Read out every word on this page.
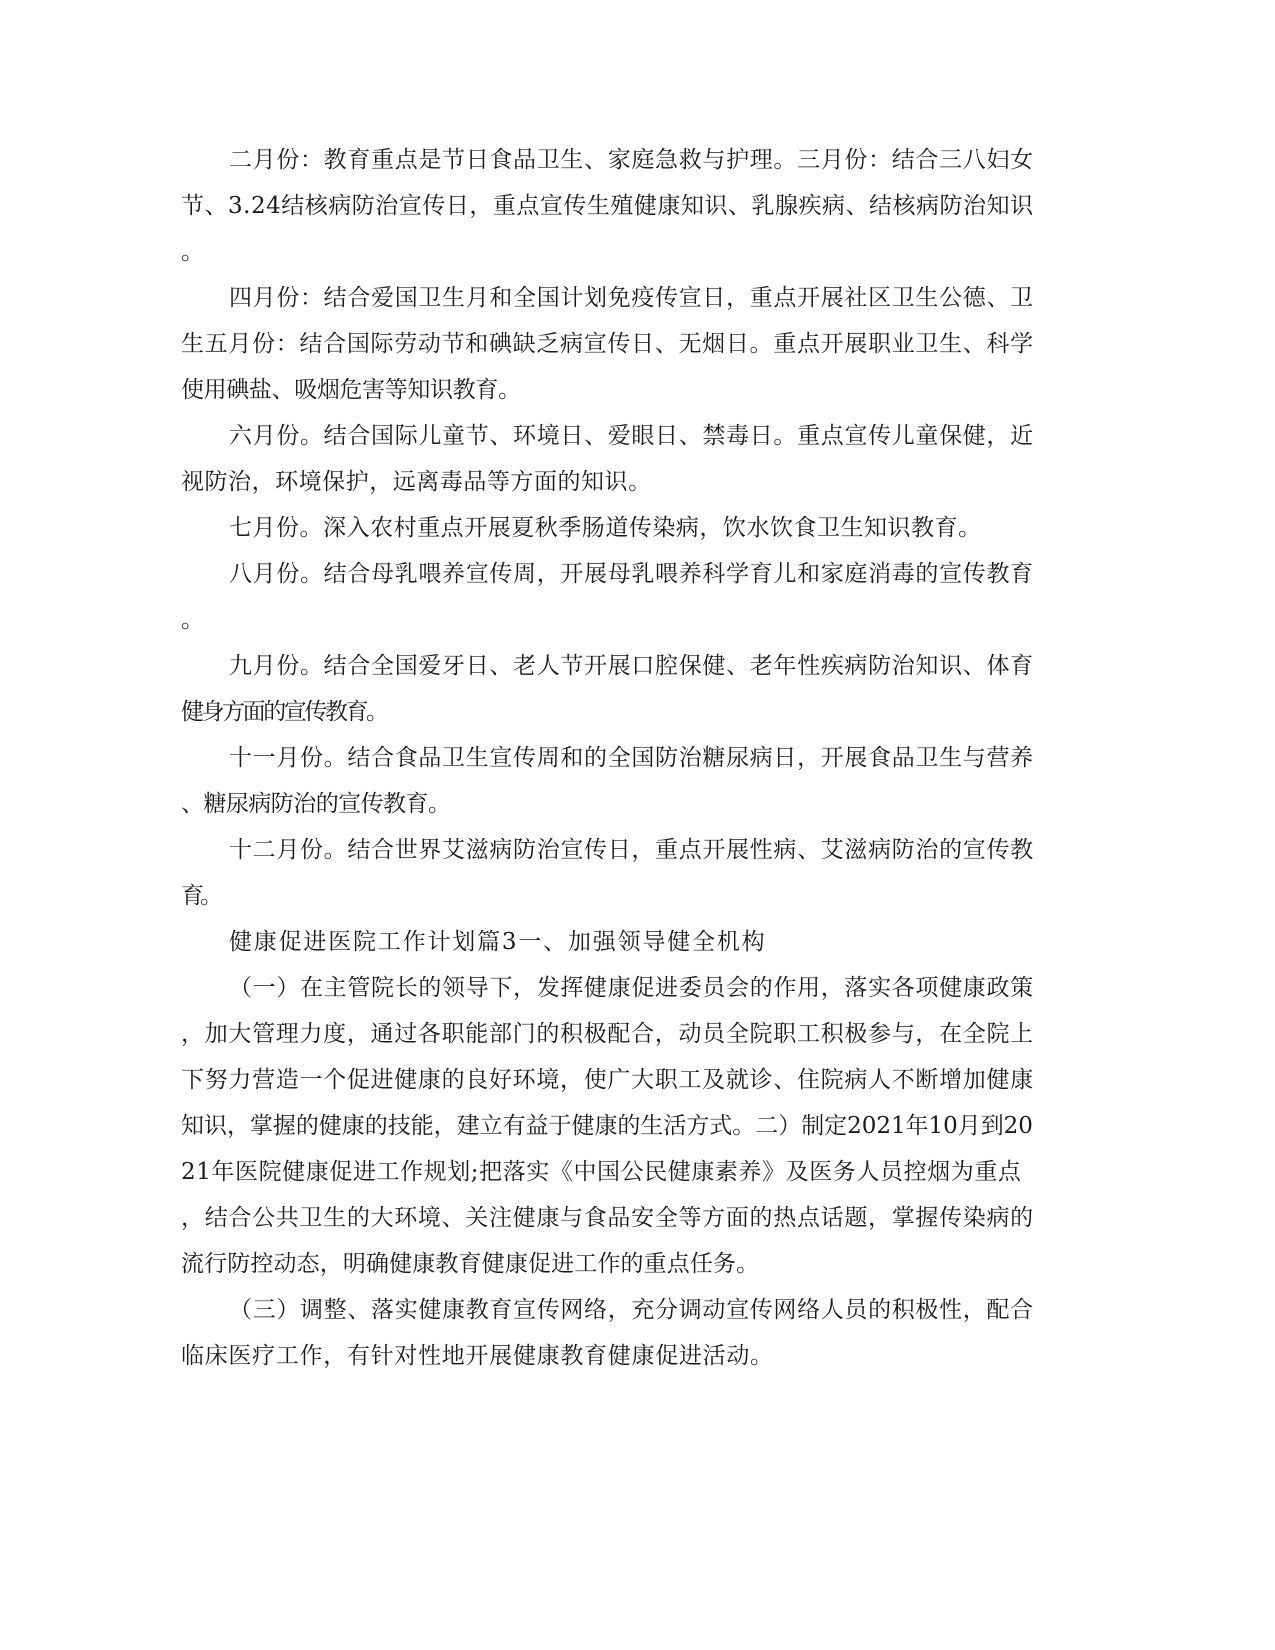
二月份：教育重点是节日食品卫生、家庭急救与护理。三月份：结合三八妇女

节、3.24结核病防治宣传日，重点宣传生殖健康知识、乳腺疾病、结核病防治知识

。

四月份：结合爱国卫生月和全国计划免疫传宣日，重点开展社区卫生公德、卫

生五月份：结合国际劳动节和碘缺乏病宣传日、无烟日。重点开展职业卫生、科学

使用碘盐、吸烟危害等知识教育。

六月份。结合国际儿童节、环境日、爱眼日、禁毒日。重点宣传儿童保健，近

视防治，环境保护，远离毒品等方面的知识。

七月份。深入农村重点开展夏秋季肠道传染病，饮水饮食卫生知识教育。

八月份。结合母乳喂养宣传周，开展母乳喂养科学育儿和家庭消毒的宣传教育

。

九月份。结合全国爱牙日、老人节开展口腔保健、老年性疾病防治知识、体育

健身方面的宣传教育。

十一月份。结合食品卫生宣传周和的全国防治糖尿病日，开展食品卫生与营养

、糖尿病防治的宣传教育。

十二月份。结合世界艾滋病防治宣传日，重点开展性病、艾滋病防治的宣传教

育。

健康促进医院工作计划篇3一、加强领导健全机构

（一）在主管院长的领导下，发挥健康促进委员会的作用，落实各项健康政策

，加大管理力度，通过各职能部门的积极配合，动员全院职工积极参与，在全院上

下努力营造一个促进健康的良好环境，使广大职工及就诊、住院病人不断增加健康

知识，掌握的健康的技能，建立有益于健康的生活方式。二）制定2021年10月到20

21年医院健康促进工作规划;把落实《中国公民健康素养》及医务人员控烟为重点

，结合公共卫生的大环境、关注健康与食品安全等方面的热点话题，掌握传染病的

流行防控动态，明确健康教育健康促进工作的重点任务。

（三）调整、落实健康教育宣传网络，充分调动宣传网络人员的积极性，配合

临床医疗工作，有针对性地开展健康教育健康促进活动。
